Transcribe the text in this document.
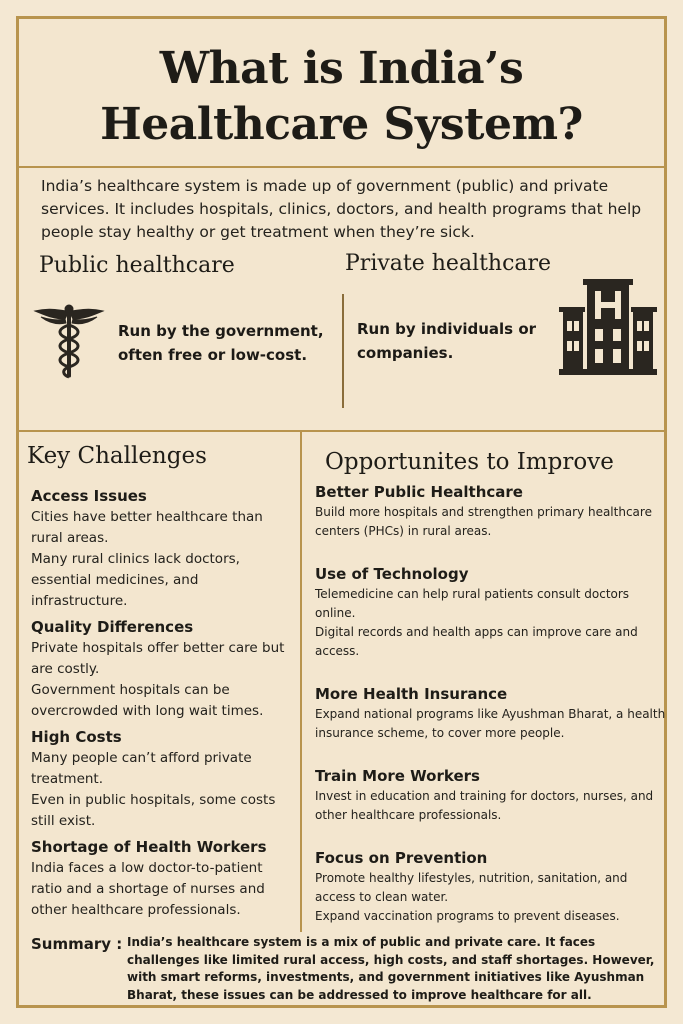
What is India’s
Healthcare System?

India’s healthcare system is made up of government (public) and private services. It includes hospitals, clinics, doctors, and health programs that help people stay healthy or get treatment when they’re sick.

Public healthcare	Private healthcare

Run by the government, often free or low-cost.

Run by individuals or companies.

Key Challenges	Opportunites to Improve
Access Issues

Cities have better healthcare than rural areas.

Many rural clinics lack doctors, essential medicines, and infrastructure.

Quality Differences

Private hospitals offer better care but are costly.

Government hospitals can be overcrowded with long wait times.

High Costs

Many people can’t afford private treatment.

Even in public hospitals, some costs still exist.

Shortage of Health Workers

India faces a low doctor-to-patient ratio and a shortage of nurses and other healthcare professionals.

Better Public Healthcare

Build more hospitals and strengthen primary healthcare centers (PHCs) in rural areas.

Use of Technology

Telemedicine can help rural patients consult doctors online.

Digital records and health apps can improve care and access.

More Health Insurance

Expand national programs like Ayushman Bharat, a health insurance scheme, to cover more people.

Train More Workers

Invest in education and training for doctors, nurses, and other healthcare professionals.

Focus on Prevention

Promote healthy lifestyles, nutrition, sanitation, and access to clean water.

Expand vaccination programs to prevent diseases.

Summary : India’s healthcare system is a mix of public and private care. It faces challenges like limited rural access, high costs, and staff shortages. However, with smart reforms, investments, and government initiatives like Ayushman Bharat, these issues can be addressed to improve healthcare for all.
